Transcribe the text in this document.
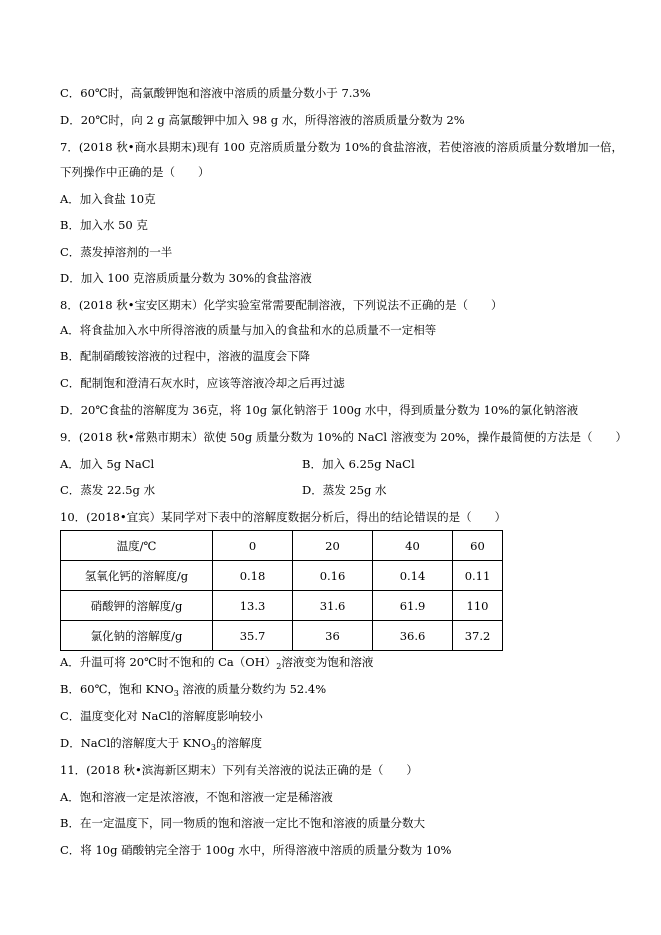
C．60℃时，高氯酸钾饱和溶液中溶质的质量分数小于 7.3%
D．20℃时，向 2 g 高氯酸钾中加入 98 g 水，所得溶液的溶质质量分数为 2%
7．(2018 秋•商水县期末)现有 100 克溶质质量分数为 10%的食盐溶液，若使溶液的溶质质量分数增加一倍，
下列操作中正确的是（　　）
A．加入食盐 10克
B．加入水 50 克
C．蒸发掉溶剂的一半
D．加入 100 克溶质质量分数为 30%的食盐溶液
8．(2018 秋•宝安区期末）化学实验室常需要配制溶液，下列说法不正确的是（　　）
A．将食盐加入水中所得溶液的质量与加入的食盐和水的总质量不一定相等
B．配制硝酸铵溶液的过程中，溶液的温度会下降
C．配制饱和澄清石灰水时，应该等溶液冷却之后再过滤
D．20℃食盐的溶解度为 36克，将 10g 氯化钠溶于 100g 水中，得到质量分数为 10%的氯化钠溶液
9．(2018 秋•常熟市期末）欲使 50g 质量分数为 10%的 NaCl 溶液变为 20%，操作最简便的方法是（　　）
A．加入 5g NaCl	B．加入 6.25g NaCl
C．蒸发 22.5g 水	D．蒸发 25g 水
10．(2018•宜宾）某同学对下表中的溶解度数据分析后，得出的结论错误的是（　　）
温度/℃	0	20	40	60
氢氧化钙的溶解度/g	0.18	0.16	0.14	0.11
硝酸钾的溶解度/g	13.3	31.6	61.9	110
氯化钠的溶解度/g	35.7	36	36.6	37.2
A．升温可将 20℃时不饱和的 $Ca(OH)_2$溶液变为饱和溶液
B．60℃，饱和 $KNO_3$ 溶液的质量分数约为 52.4%
C．温度变化对 NaCl的溶解度影响较小
D．NaCl的溶解度大于 $KNO_3$的溶解度
11．(2018 秋•滨海新区期末）下列有关溶液的说法正确的是（　　）
A．饱和溶液一定是浓溶液，不饱和溶液一定是稀溶液
B．在一定温度下，同一物质的饱和溶液一定比不饱和溶液的质量分数大
C．将 10g 硝酸钠完全溶于 100g 水中，所得溶液中溶质的质量分数为 10%
